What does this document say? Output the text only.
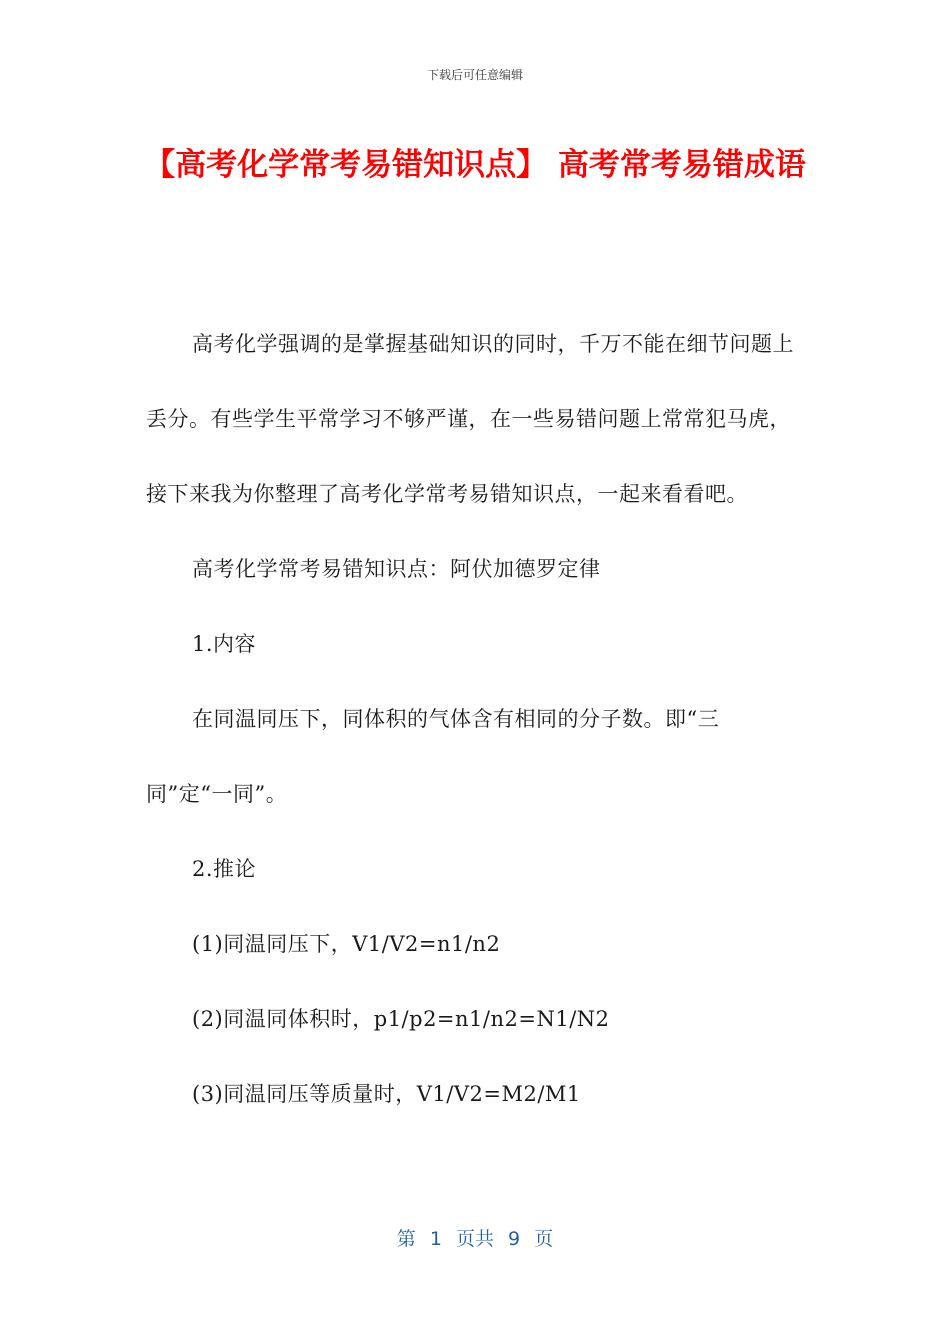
下载后可任意编辑
【高考化学常考易错知识点】 高考常考易错成语

高考化学强调的是掌握基础知识的同时，千万不能在细节问题上丢分。有些学生平常学习不够严谨，在一些易错问题上常常犯马虎，接下来我为你整理了高考化学常考易错知识点，一起来看看吧。

高考化学常考易错知识点：阿伏加德罗定律

1.内容

在同温同压下，同体积的气体含有相同的分子数。即“三同”定“一同”。

2.推论

(1)同温同压下，V1/V2=n1/n2

(2)同温同体积时，p1/p2=n1/n2=N1/N2

(3)同温同压等质量时，V1/V2=M2/M1

第 1 页共 9 页
